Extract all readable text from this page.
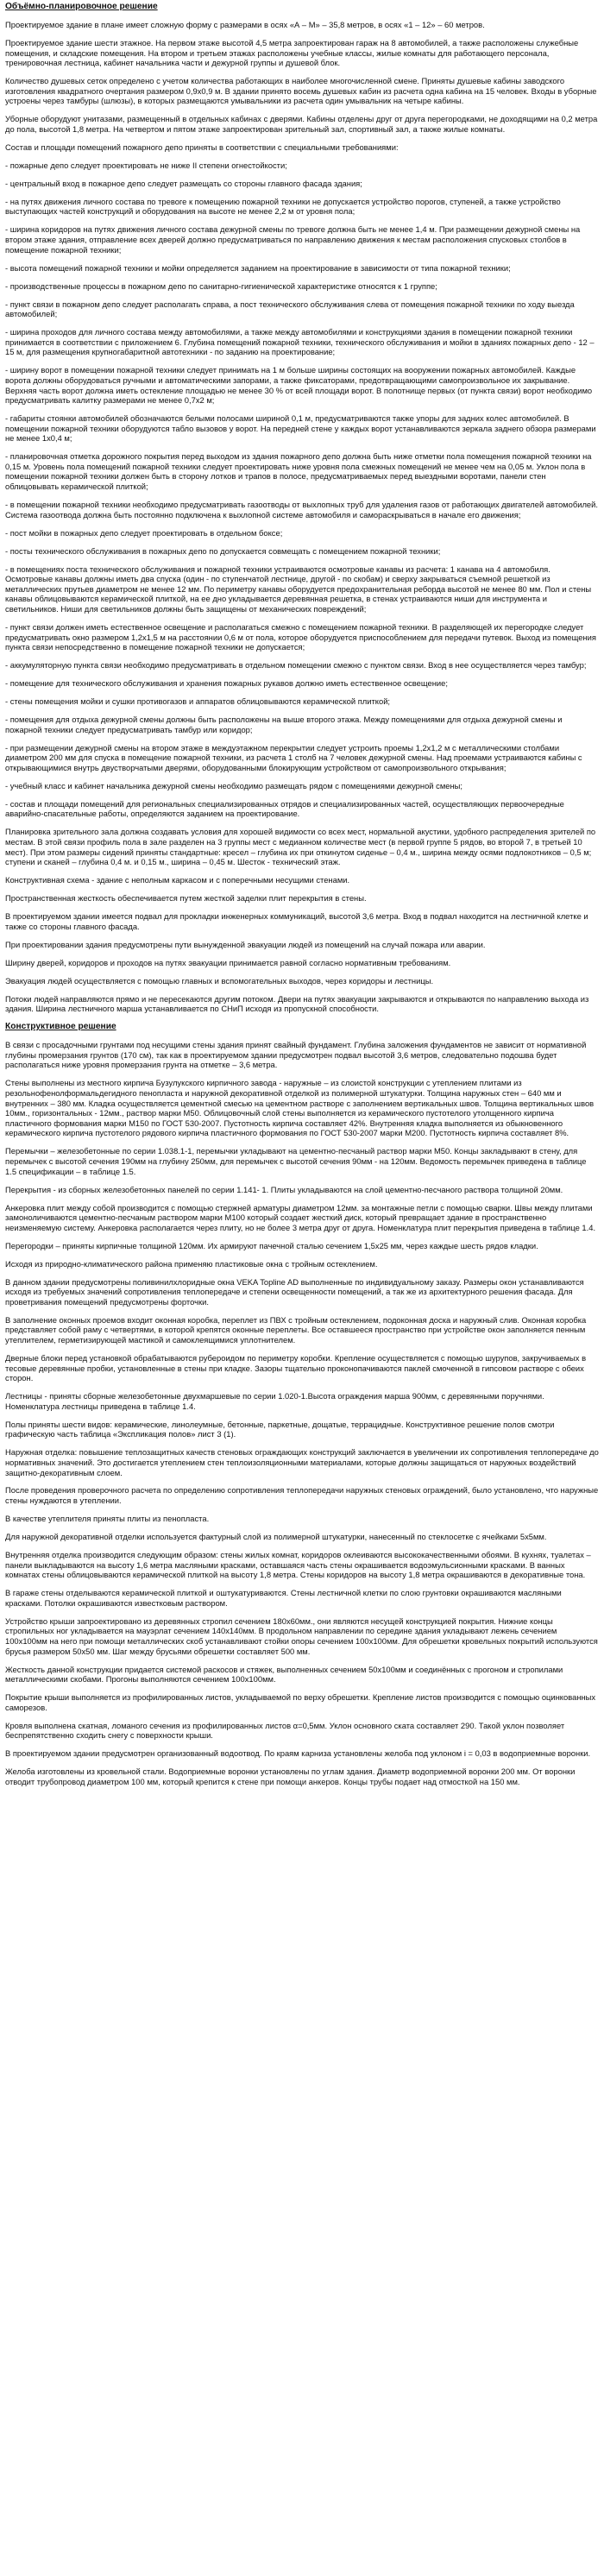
Объёмно-планировочное решение

Проектируемое здание в плане имеет сложную форму с размерами в осях «А – М» – 35,8 метров, в осях «1 – 12» – 60 метров.

Проектируемое здание шести этажное. На первом этаже высотой 4,5 метра запроектирован гараж на 8 автомобилей, а также расположены служебные помещения, и складские помещения. На втором и третьем этажах расположены учебные классы, жилые комнаты для работающего персонала, тренировочная лестница, кабинет начальника части и дежурной группы и душевой блок.

Количество душевых сеток определено с учетом количества работающих в наиболее многочисленной смене. Приняты душевые кабины заводского изготовления квадратного очертания размером 0,9х0,9 м. В здании принято восемь душевых кабин из расчета одна кабина на 15 человек. Входы в уборные устроены через тамбуры (шлюзы), в которых размещаются умывальники из расчета один умывальник на четыре кабины.

Уборные оборудуют унитазами, размещенный в отдельных кабинах с дверями. Кабины отделены друг от друга перегородками, не доходящими на 0,2 метра до пола, высотой 1,8 метра. На четвертом и пятом этаже запроектирован зрительный зал, спортивный зал, а также жилые комнаты.

Состав и площади помещений пожарного депо приняты в соответствии с специальными требованиями:

- пожарные депо следует проектировать не ниже II степени огнестойкости;

- центральный вход в пожарное депо следует размещать со стороны главного фасада здания;

- на путях движения личного состава по тревоге к помещению пожарной техники не допускается устройство порогов, ступеней, а также устройство выступающих частей конструкций и оборудования на высоте не менее 2,2 м от уровня пола;

- ширина коридоров на путях движения личного состава дежурной смены по тревоге должна быть не менее 1,4 м. При размещении дежурной смены на втором этаже здания, отправление всех дверей должно предусматриваться по направлению движения к местам расположения спусковых столбов в помещение пожарной техники;

- высота помещений пожарной техники и мойки определяется заданием на проектирование в зависимости от типа пожарной техники;

- производственные процессы в пожарном депо по санитарно-гигиенической характеристике относятся к 1 группе;

- пункт связи в пожарном депо следует располагать справа, а пост технического обслуживания слева от помещения пожарной техники по ходу выезда автомобилей;

- ширина проходов для личного состава между автомобилями, а также между автомобилями и конструкциями здания в помещении пожарной техники принимается в соответствии с приложением 6. Глубина помещений пожарной техники, технического обслуживания и мойки в зданиях пожарных депо - 12 – 15 м, для размещения крупногабаритной автотехники - по заданию на проектирование;

- ширину ворот в помещении пожарной техники следует принимать на 1 м больше ширины состоящих на вооружении пожарных автомобилей. Каждые ворота должны оборудоваться ручными и автоматическими запорами, а также фиксаторами, предотвращающими самопроизвольное их закрывание. Верхняя часть ворот должна иметь остекление площадью не менее 30 % от всей площади ворот. В полотнище первых (от пункта связи) ворот необходимо предусматривать калитку размерами не менее 0,7х2 м;

- габариты стоянки автомобилей обозначаются белыми полосами шириной 0,1 м, предусматриваются также упоры для задних колес автомобилей. В помещении пожарной техники оборудуются табло вызовов у ворот. На передней стене у каждых ворот устанавливаются зеркала заднего обзора размерами не менее 1х0,4 м;

- планировочная отметка дорожного покрытия перед выходом из здания пожарного депо должна быть ниже отметки пола помещения пожарной техники на 0,15 м. Уровень пола помещений пожарной техники следует проектировать ниже уровня пола смежных помещений не менее чем на 0,05 м. Уклон пола в помещении пожарной техники должен быть в сторону лотков и трапов в полосе, предусматриваемых перед выездными воротами, панели стен облицовывать керамической плиткой;

- в помещении пожарной техники необходимо предусматривать газоотводы от выхлопных труб для удаления газов от работающих двигателей автомобилей. Система газоотвода должна быть постоянно подключена к выхлопной системе автомобиля и самораскрываться в начале его движения;

- пост мойки в пожарных депо следует проектировать в отдельном боксе;

- посты технического обслуживания в пожарных депо по допускается совмещать с помещением пожарной техники;

- в помещениях поста технического обслуживания и пожарной техники устраиваются осмотровые канавы из расчета: 1 канава на 4 автомобиля. Осмотровые канавы должны иметь два спуска (один - по ступенчатой лестнице, другой - по скобам) и сверху закрываться съемной решеткой из металлических прутьев диаметром не менее 12 мм. По периметру канавы оборудуется предохранительная реборда высотой не менее 80 мм. Пол и стены канавы облицовываются керамической плиткой, на ее дно укладывается деревянная решетка, в стенах устраиваются ниши для инструмента и светильников. Ниши для светильников должны быть защищены от механических повреждений;

- пункт связи должен иметь естественное освещение и располагаться смежно с помещением пожарной техники. В разделяющей их перегородке следует предусматривать окно размером 1,2х1,5 м на расстоянии 0,6 м от пола, которое оборудуется приспособлением для передачи путевок. Выход из помещения пункта связи непосредственно в помещение пожарной техники не допускается;

- аккумуляторную пункта связи необходимо предусматривать в отдельном помещении смежно с пунктом связи. Вход в нее осуществляется через тамбур;

- помещение для технического обслуживания и хранения пожарных рукавов должно иметь естественное освещение;

- стены помещения мойки и сушки противогазов и аппаратов облицовываются керамической плиткой;

- помещения для отдыха дежурной смены должны быть расположены на выше второго этажа. Между помещениями для отдыха дежурной смены и пожарной техники следует предусматривать тамбур или коридор;

- при размещении дежурной смены на втором этаже в междуэтажном перекрытии следует устроить проемы 1,2х1,2 м с металлическими столбами диаметром 200 мм для спуска в помещение пожарной техники, из расчета 1 столб на 7 человек дежурной смены. Над проемами устраиваются кабины с открывающимися внутрь двустворчатыми дверями, оборудованными блокирующим устройством от самопроизвольного открывания;

- учебный класс и кабинет начальника дежурной смены необходимо размещать рядом с помещениями дежурной смены;

- состав и площади помещений для региональных специализированных отрядов и специализированных частей, осуществляющих первоочередные аварийно-спасательные работы, определяются заданием на проектирование.

Планировка зрительного зала должна создавать условия для хорошей видимости со всех мест, нормальной акустики, удобного распределения зрителей по местам. В этой связи профиль пола в зале разделен на 3 группы мест с медианном количестве мест (в первой группе 5 рядов, во второй 7, в третьей 10 мест). При этом размеры сидений приняты стандартные: кресел – глубина их при откинутом сиденье – 0,4 м., ширина между осями подлокотников – 0,5 м; ступени и сканей – глубина 0,4 м. и 0,15 м., ширина – 0,45 м. Шесток - технический этаж.

Конструктивная схема - здание с неполным каркасом и с поперечными несущими стенами.

Пространственная жесткость обеспечивается путем жесткой заделки плит перекрытия в стены.

В проектируемом здании имеется подвал для прокладки инженерных коммуникаций, высотой 3,6 метра. Вход в подвал находится на лестничной клетке и также со стороны главного фасада.

При проектировании здания предусмотрены пути вынужденной эвакуации людей из помещений на случай пожара или аварии.

Ширину дверей, коридоров и проходов на путях эвакуации принимается равной согласно нормативным требованиям.

Эвакуация людей осуществляется с помощью главных и вспомогательных выходов, через коридоры и лестницы.

Потоки людей направляются прямо и не пересекаются другим потоком. Двери на путях эвакуации закрываются и открываются по направлению выхода из здания. Ширина лестничного марша устанавливается по СНиП исходя из пропускной способности.

Конструктивное решение

В связи с просадочными грунтами под несущими стены здания принят свайный фундамент. Глубина заложения фундаментов не зависит от нормативной глубины промерзания грунтов (170 см), так как в проектируемом здании предусмотрен подвал высотой 3,6 метров, следовательно подошва будет располагаться ниже уровня промерзания грунта на отметке – 3,6 метра.

Стены выполнены из местного кирпича Бузулукского кирпичного завода - наружные – из слоистой конструкции с утеплением плитами из резольнофенолформальдегидного пенопласта и наружной декоративной отделкой из полимерной штукатурки. Толщина наружных стен – 640 мм и внутренних – 380 мм. Кладка осуществляется цементной смесью на цементном растворе с заполнением вертикальных швов. Толщина вертикальных швов 10мм., горизонтальных - 12мм., раствор марки М50. Облицовочный слой стены выполняется из керамического пустотелого утолщенного кирпича пластичного формования марки М150 по ГОСТ 530-2007. Пустотность кирпича составляет 42%. Внутренняя кладка выполняется из обыкновенного керамического кирпича пустотелого рядового кирпича пластичного формования по ГОСТ 530-2007 марки М200. Пустотность кирпича составляет 8%.

Перемычки – железобетонные по серии 1.038.1-1, перемычки укладывают на цементно-песчаный раствор марки М50. Концы закладывают в стену, для перемычек с высотой сечения 190мм на глубину 250мм, для перемычек с высотой сечения 90мм - на 120мм. Ведомость перемычек приведена в таблице 1.5 спецификации – в таблице 1.5.

Перекрытия - из сборных железобетонных панелей по серии 1.141- 1. Плиты укладываются на слой цементно-песчаного раствора толщиной 20мм.

Анкеровка плит между собой производится с помощью стержней арматуры диаметром 12мм. за монтажные петли с помощью сварки. Швы между плитами замоноличиваются цементно-песчаным раствором марки М100 который создает жесткий диск, который превращает здание в пространственно неизменяемую систему. Анкеровка располагается через плиту, но не более 3 метра друг от друга. Номенклатура плит перекрытия приведена в таблице 1.4.

Перегородки – приняты кирпичные толщиной 120мм. Их армируют пачечной сталью сечением 1,5х25 мм, через каждые шесть рядов кладки.

Исходя из природно-климатического района применяю пластиковые окна с тройным остеклением.

В данном здании предусмотрены поливинилхлоридные окна VEKA Topline AD выполненные по индивидуальному заказу. Размеры окон устанавливаются исходя из требуемых значений сопротивления теплопередаче и степени освещенности помещений, а так же из архитектурного решения фасада. Для проветривания помещений предусмотрены форточки.

В заполнение оконных проемов входит оконная коробка, переплет из ПВХ с тройным остеклением, подоконная доска и наружный слив. Оконная коробка представляет собой раму с четвертями, в которой крепятся оконные переплеты. Все оставшееся пространство при устройстве окон заполняется пенным утеплителем, герметизирующей мастикой и самоклеящимися уплотнителем.

Дверные блоки перед установкой обрабатываются рубероидом по периметру коробки. Крепление осуществляется с помощью шурупов, закручиваемых в тесовые деревянные пробки, установленные в стены при кладке. Зазоры тщательно проконопачиваются паклей смоченной в гипсовом растворе с обеих сторон.

Лестницы - приняты сборные железобетонные двухмаршевые по серии 1.020-1.Высота ограждения марша 900мм, с деревянными поручнями. Номенклатура лестницы приведена в таблице 1.4.

Полы приняты шести видов: керамические, линолеумные, бетонные, паркетные, дощатые, террацидные. Конструктивное решение полов смотри графическую часть таблица «Экспликация полов» лист 3 (1).

Наружная отделка: повышение теплозащитных качеств стеновых ограждающих конструкций заключается в увеличении их сопротивления теплопередаче до нормативных значений. Это достигается утеплением стен теплоизоляционными материалами, которые должны защищаться от наружных воздействий защитно-декоративным слоем.

После проведения проверочного расчета по определению сопротивления теплопередачи наружных стеновых ограждений, было установлено, что наружные стены нуждаются в утеплении.

В качестве утеплителя приняты плиты из пенопласта.

Для наружной декоративной отделки используется фактурный слой из полимерной штукатурки, нанесенный по стеклосетке с ячейками 5х5мм.

Внутренняя отделка производится следующим образом: стены жилых комнат, коридоров оклеиваются высококачественными обоями. В кухнях, туалетах – панели выкладываются на высоту 1,6 метра масляными красками, оставшаяся часть стены окрашивается водоэмульсионными красками. В ванных комнатах стены облицовываются керамической плиткой на высоту 1,8 метра. Стены коридоров на высоту 1,8 метра окрашиваются в декоративные тона.

В гараже стены отделываются керамической плиткой и оштукатуриваются. Стены лестничной клетки по слою грунтовки окрашиваются масляными красками. Потолки окрашиваются известковым раствором.

Устройство крыши запроектировано из деревянных стропил сечением 180х60мм., они являются несущей конструкцией покрытия. Нижние концы стропильных ног укладывается на мауэрлат сечением 140х140мм. В продольном направлении по середине здания укладывают лежень сечением 100х100мм на него при помощи металлических скоб устанавливают стойки опоры сечением 100х100мм. Для обрешетки кровельных покрытий используются брусья размером 50х50 мм. Шаг между брусьями обрешетки составляет 500 мм.

Жесткость данной конструкции придается системой раскосов и стяжек, выполненных сечением 50х100мм и соединённых с прогоном и стропилами металлическими скобами. Прогоны выполняются сечением 100х100мм.

Покрытие крыши выполняется из профилированных листов, укладываемой по верху обрешетки. Крепление листов производится с помощью оцинкованных саморезов.

Кровля выполнена скатная, ломаного сечения из профилированных листов α=0,5мм. Уклон основного ската составляет 290. Такой уклон позволяет беспрепятственно сходить снегу с поверхности крыши.

В проектируемом здании предусмотрен организованный водоотвод. По краям карниза установлены желоба под уклоном i = 0,03 в водоприемные воронки.

Желоба изготовлены из кровельной стали. Водоприемные воронки установлены по углам здания. Диаметр водоприемной воронки 200 мм. От воронки отводит трубопровод диаметром 100 мм, который крепится к стене при помощи анкеров. Концы трубы подает над отмосткой на 150 мм.
